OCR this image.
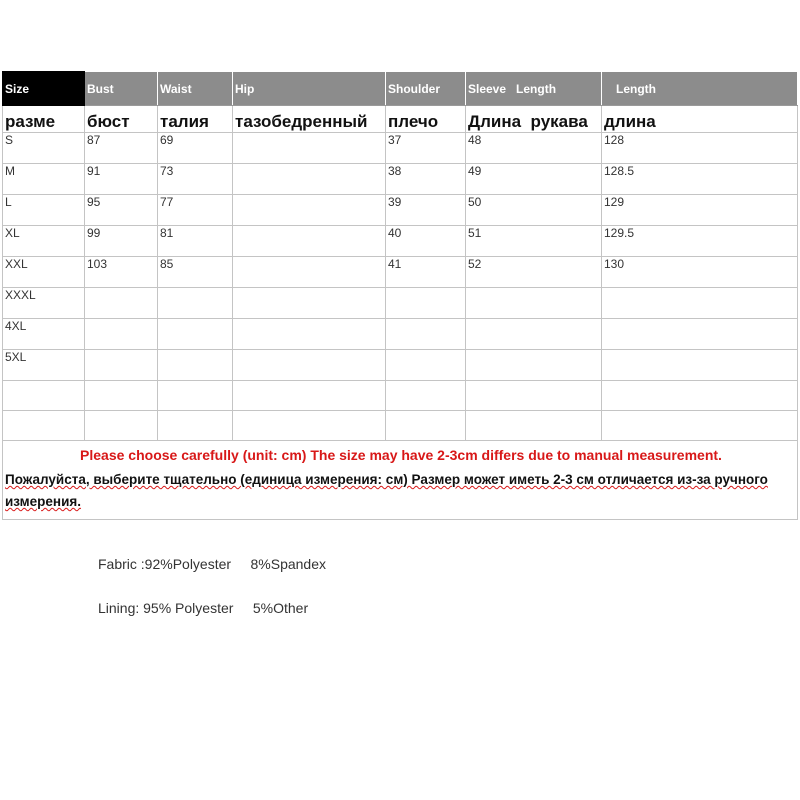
Size	Bust	Waist	Hip	Shoulder	Sleeve   Length	Length
разме	бюст	талия	тазобедренный	плечо	Длина  рукава	длина
S	87	69		37	48	128
M	91	73		38	49	128.5
L	95	77		39	50	129
XL	99	81		40	51	129.5
XXL	103	85		41	52	130
XXXL						
4XL						
5XL						

Please choose carefully (unit: cm) The size may have 2-3cm differs due to manual measurement.
Пожалуйста, выберите тщательно (единица измерения: см) Размер может иметь 2-3 см отличается из-за ручного измерения.						
Fabric :92%Polyester     8%Spandex
Lining: 95% Polyester     5%Other
